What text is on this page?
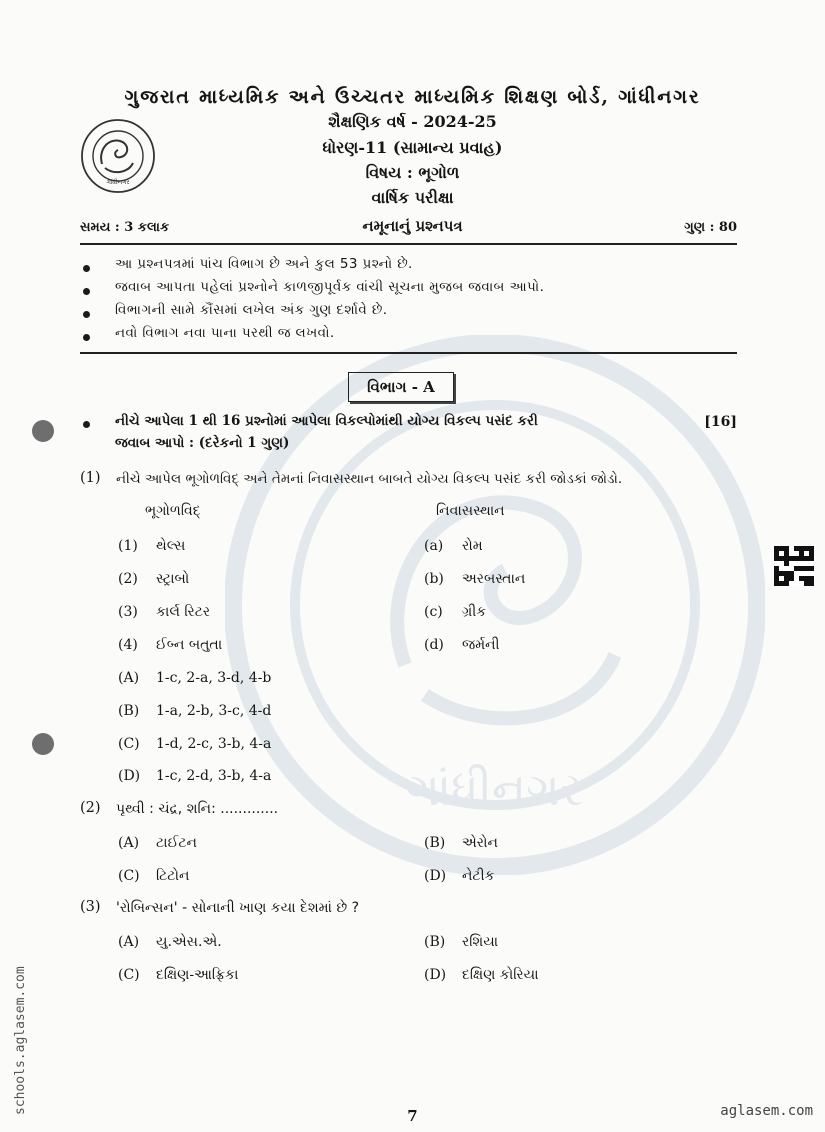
ગાંધીનગર
ગાંધીનગર
ગુજરાત માધ્યમિક અને ઉચ્ચતર માધ્યમિક શિક્ષણ બોર્ડ, ગાંધીનગર
શૈક્ષણિક વર્ષ - 2024-25
ધોરણ-11 (સામાન્ય પ્રવાહ)
વિષય : ભૂગોળ
વાર્ષિક પરીક્ષા
સમય : 3 કલાક	નમૂનાનું પ્રશ્નપત્ર	ગુણ : 80
આ પ્રશ્નપત્રમાં પાંચ વિભાગ છે અને કુલ 53 પ્રશ્નો છે.
જવાબ આપતા પહેલાં પ્રશ્નોને કાળજીપૂર્વક વાંચી સૂચના મુજબ જવાબ આપો.
વિભાગની સામે કૌંસમાં લખેલ અંક ગુણ દર્શાવે છે.
નવો વિભાગ નવા પાના પરથી જ લખવો.
વિભાગ - A
નીચે આપેલા 1 થી 16 પ્રશ્નોમાં આપેલા વિકલ્પોમાંથી યોગ્ય વિકલ્પ પસંદ કરી
જવાબ આપો : (દરેકનો 1 ગુણ)
[16]
(1) નીચે આપેલ ભૂગોળવિદ્ અને તેમનાં નિવાસસ્થાન બાબતે યોગ્ય વિકલ્પ પસંદ કરી જોડકાં જોડો.
ભૂગોળવિદ્	નિવાસસ્થાન
(1) થેલ્સ	(a) રોમ
(2) સ્ટ્રાબો	(b) અરબસ્તાન
(3) કાર્લ રિટર	(c) ગ્રીક
(4) ઈબ્ન બતુતા	(d) જર્મની
(A) 1-c, 2-a, 3-d, 4-b
(B) 1-a, 2-b, 3-c, 4-d
(C) 1-d, 2-c, 3-b, 4-a
(D) 1-c, 2-d, 3-b, 4-a
(2) પૃથ્વી : ચંદ્ર, શનિ: .............
(A) ટાઈટન	(B) એરોન
(C) ટિટોન	(D) નેટીક
(3) 'રોબિન્સન' - સોનાની ખાણ કયા દેશમાં છે ?
(A) યુ.એસ.એ.	(B) રશિયા
(C) દક્ષિણ-આફ્રિકા	(D) દક્ષિણ કોરિયા
schools.aglasem.com
7	aglasem.com
